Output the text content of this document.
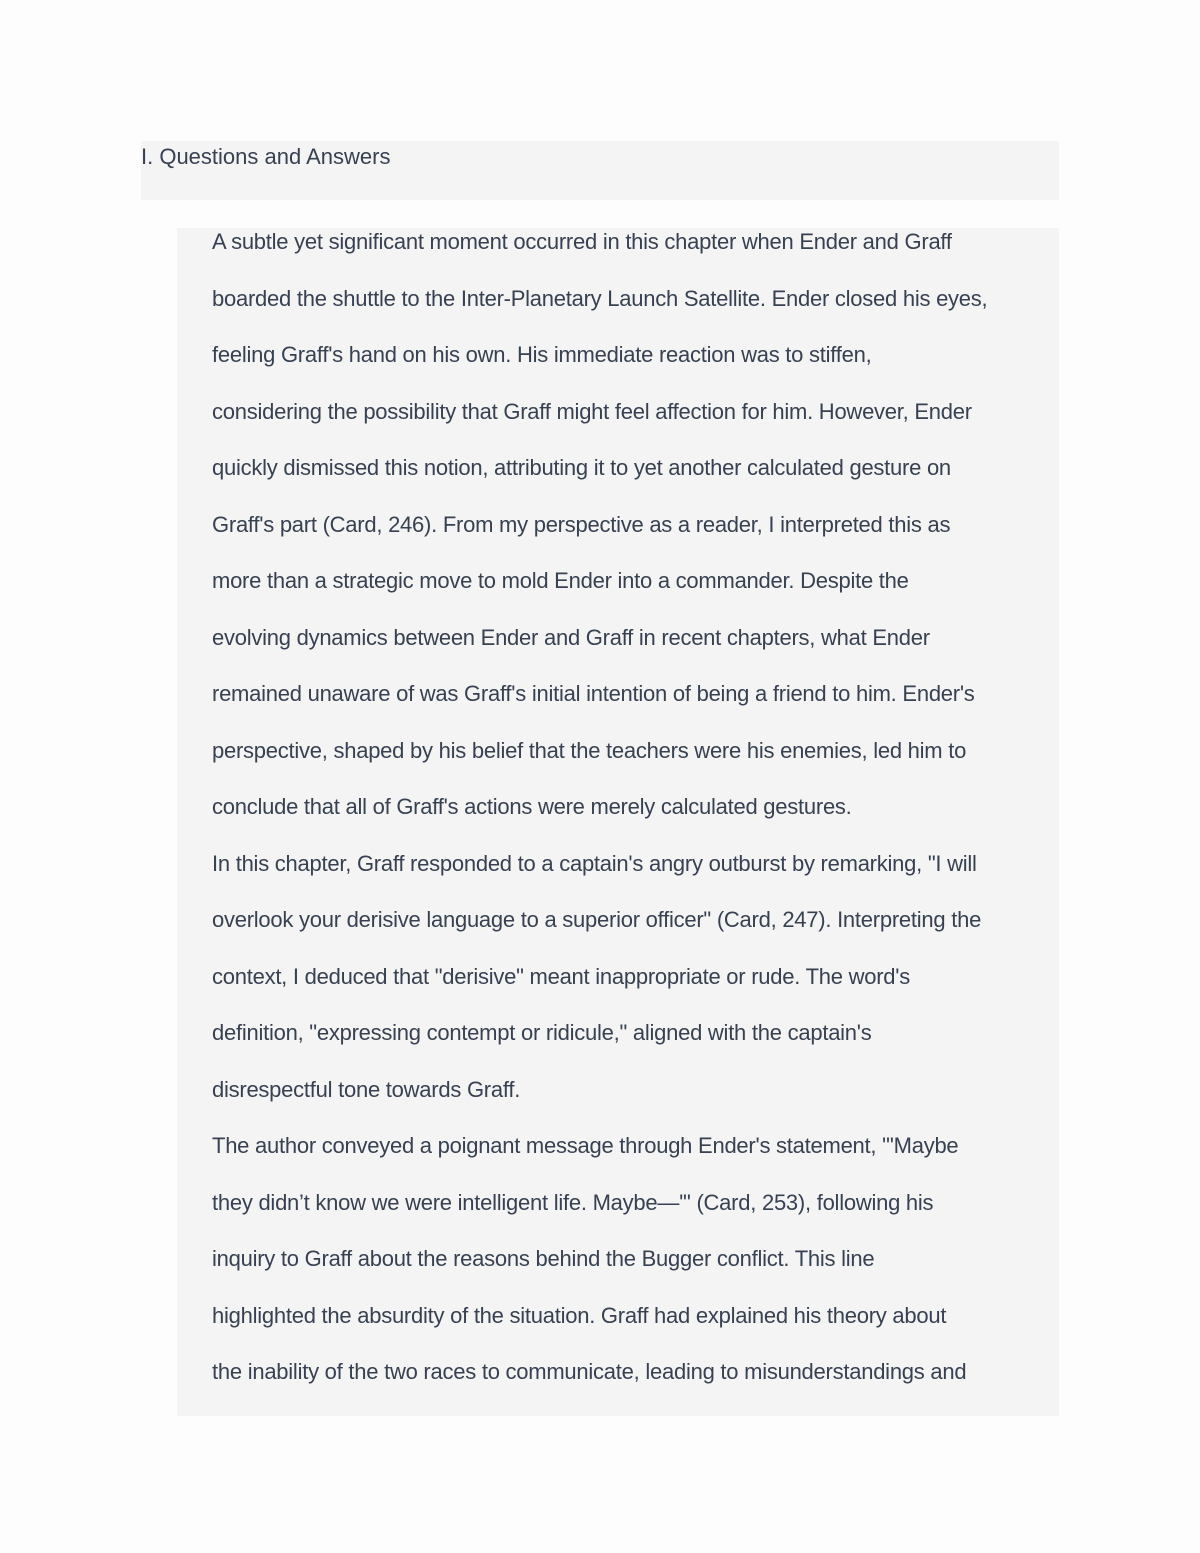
I. Questions and Answers
A subtle yet significant moment occurred in this chapter when Ender and Graff
boarded the shuttle to the Inter-Planetary Launch Satellite. Ender closed his eyes,
feeling Graff's hand on his own. His immediate reaction was to stiffen,
considering the possibility that Graff might feel affection for him. However, Ender
quickly dismissed this notion, attributing it to yet another calculated gesture on
Graff's part (Card, 246). From my perspective as a reader, I interpreted this as
more than a strategic move to mold Ender into a commander. Despite the
evolving dynamics between Ender and Graff in recent chapters, what Ender
remained unaware of was Graff's initial intention of being a friend to him. Ender's
perspective, shaped by his belief that the teachers were his enemies, led him to
conclude that all of Graff's actions were merely calculated gestures.
In this chapter, Graff responded to a captain's angry outburst by remarking, "I will
overlook your derisive language to a superior officer" (Card, 247). Interpreting the
context, I deduced that "derisive" meant inappropriate or rude. The word's
definition, "expressing contempt or ridicule," aligned with the captain's
disrespectful tone towards Graff.
The author conveyed a poignant message through Ender's statement, "'Maybe
they didn’t know we were intelligent life. Maybe—'" (Card, 253), following his
inquiry to Graff about the reasons behind the Bugger conflict. This line
highlighted the absurdity of the situation. Graff had explained his theory about
the inability of the two races to communicate, leading to misunderstandings and
